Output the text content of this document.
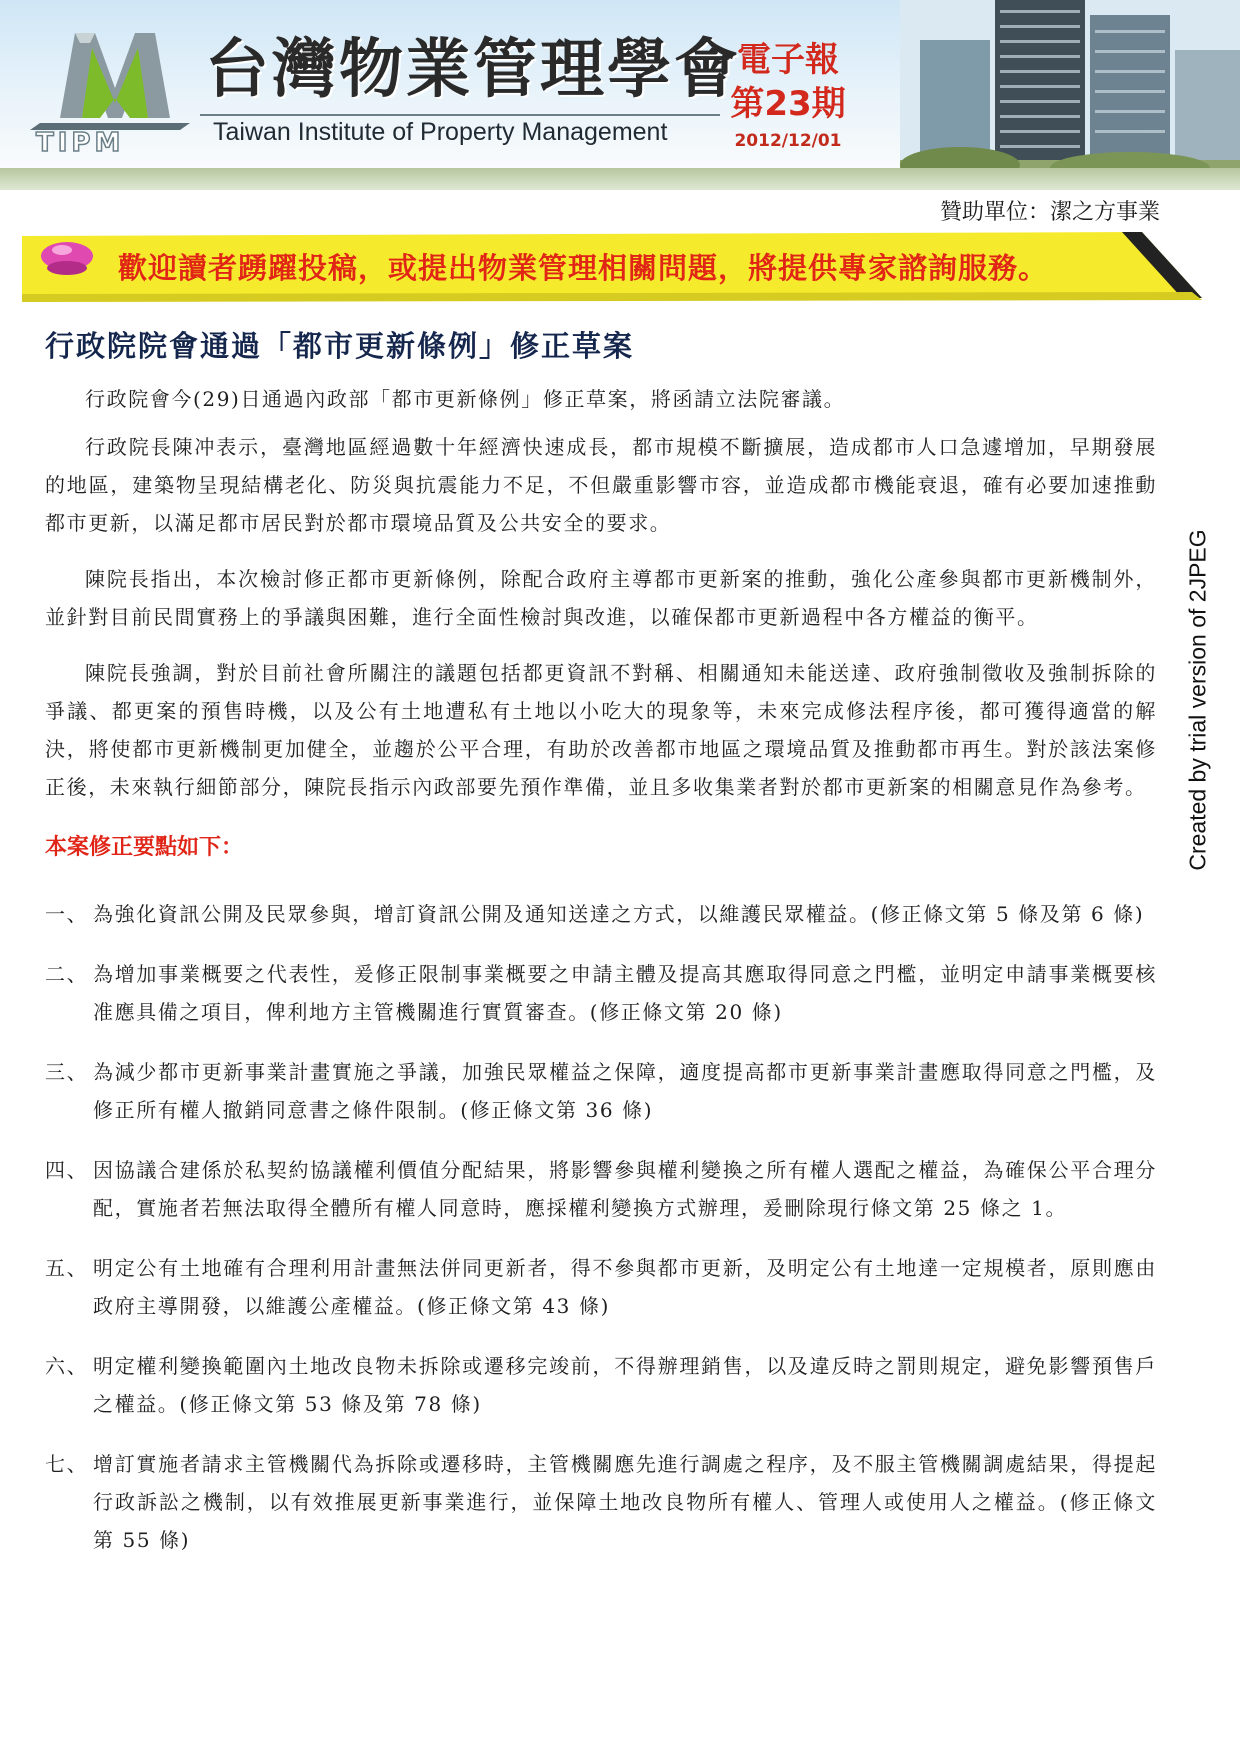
TIPM
台灣物業管理學會
Taiwan Institute of Property Management
電子報
第23期
2012/12/01
贊助單位：潔之方事業
歡迎讀者踴躍投稿，或提出物業管理相關問題，將提供專家諮詢服務。
Created by trial version of 2JPEG
行政院院會通過「都市更新條例」修正草案

行政院會今(29)日通過內政部「都市更新條例」修正草案，將函請立法院審議。

行政院長陳冲表示，臺灣地區經過數十年經濟快速成長，都市規模不斷擴展，造成都市人口急遽增加，早期發展的地區，建築物呈現結構老化、防災與抗震能力不足，不但嚴重影響市容，並造成都市機能衰退，確有必要加速推動都市更新，以滿足都市居民對於都市環境品質及公共安全的要求。

陳院長指出，本次檢討修正都市更新條例，除配合政府主導都市更新案的推動，強化公產參與都市更新機制外，並針對目前民間實務上的爭議與困難，進行全面性檢討與改進，以確保都市更新過程中各方權益的衡平。

陳院長強調，對於目前社會所關注的議題包括都更資訊不對稱、相關通知未能送達、政府強制徵收及強制拆除的爭議、都更案的預售時機，以及公有土地遭私有土地以小吃大的現象等，未來完成修法程序後，都可獲得適當的解決，將使都市更新機制更加健全，並趨於公平合理，有助於改善都市地區之環境品質及推動都市再生。對於該法案修正後，未來執行細節部分，陳院長指示內政部要先預作準備，並且多收集業者對於都市更新案的相關意見作為參考。

本案修正要點如下：
一、 為強化資訊公開及民眾參與，增訂資訊公開及通知送達之方式，以維護民眾權益。(修正條文第 5 條及第 6 條)
二、 為增加事業概要之代表性，爰修正限制事業概要之申請主體及提高其應取得同意之門檻，並明定申請事業概要核准應具備之項目，俾利地方主管機關進行實質審查。(修正條文第 20 條)
三、 為減少都市更新事業計畫實施之爭議，加強民眾權益之保障，適度提高都市更新事業計畫應取得同意之門檻，及修正所有權人撤銷同意書之條件限制。(修正條文第 36 條)
四、 因協議合建係於私契約協議權利價值分配結果，將影響參與權利變換之所有權人選配之權益，為確保公平合理分配，實施者若無法取得全體所有權人同意時，應採權利變換方式辦理，爰刪除現行條文第 25 條之 1。
五、 明定公有土地確有合理利用計畫無法併同更新者，得不參與都市更新，及明定公有土地達一定規模者，原則應由政府主導開發，以維護公產權益。(修正條文第 43 條)
六、 明定權利變換範圍內土地改良物未拆除或遷移完竣前，不得辦理銷售，以及違反時之罰則規定，避免影響預售戶之權益。(修正條文第 53 條及第 78 條)
七、 增訂實施者請求主管機關代為拆除或遷移時，主管機關應先進行調處之程序，及不服主管機關調處結果，得提起行政訴訟之機制，以有效推展更新事業進行，並保障土地改良物所有權人、管理人或使用人之權益。(修正條文第 55 條)
